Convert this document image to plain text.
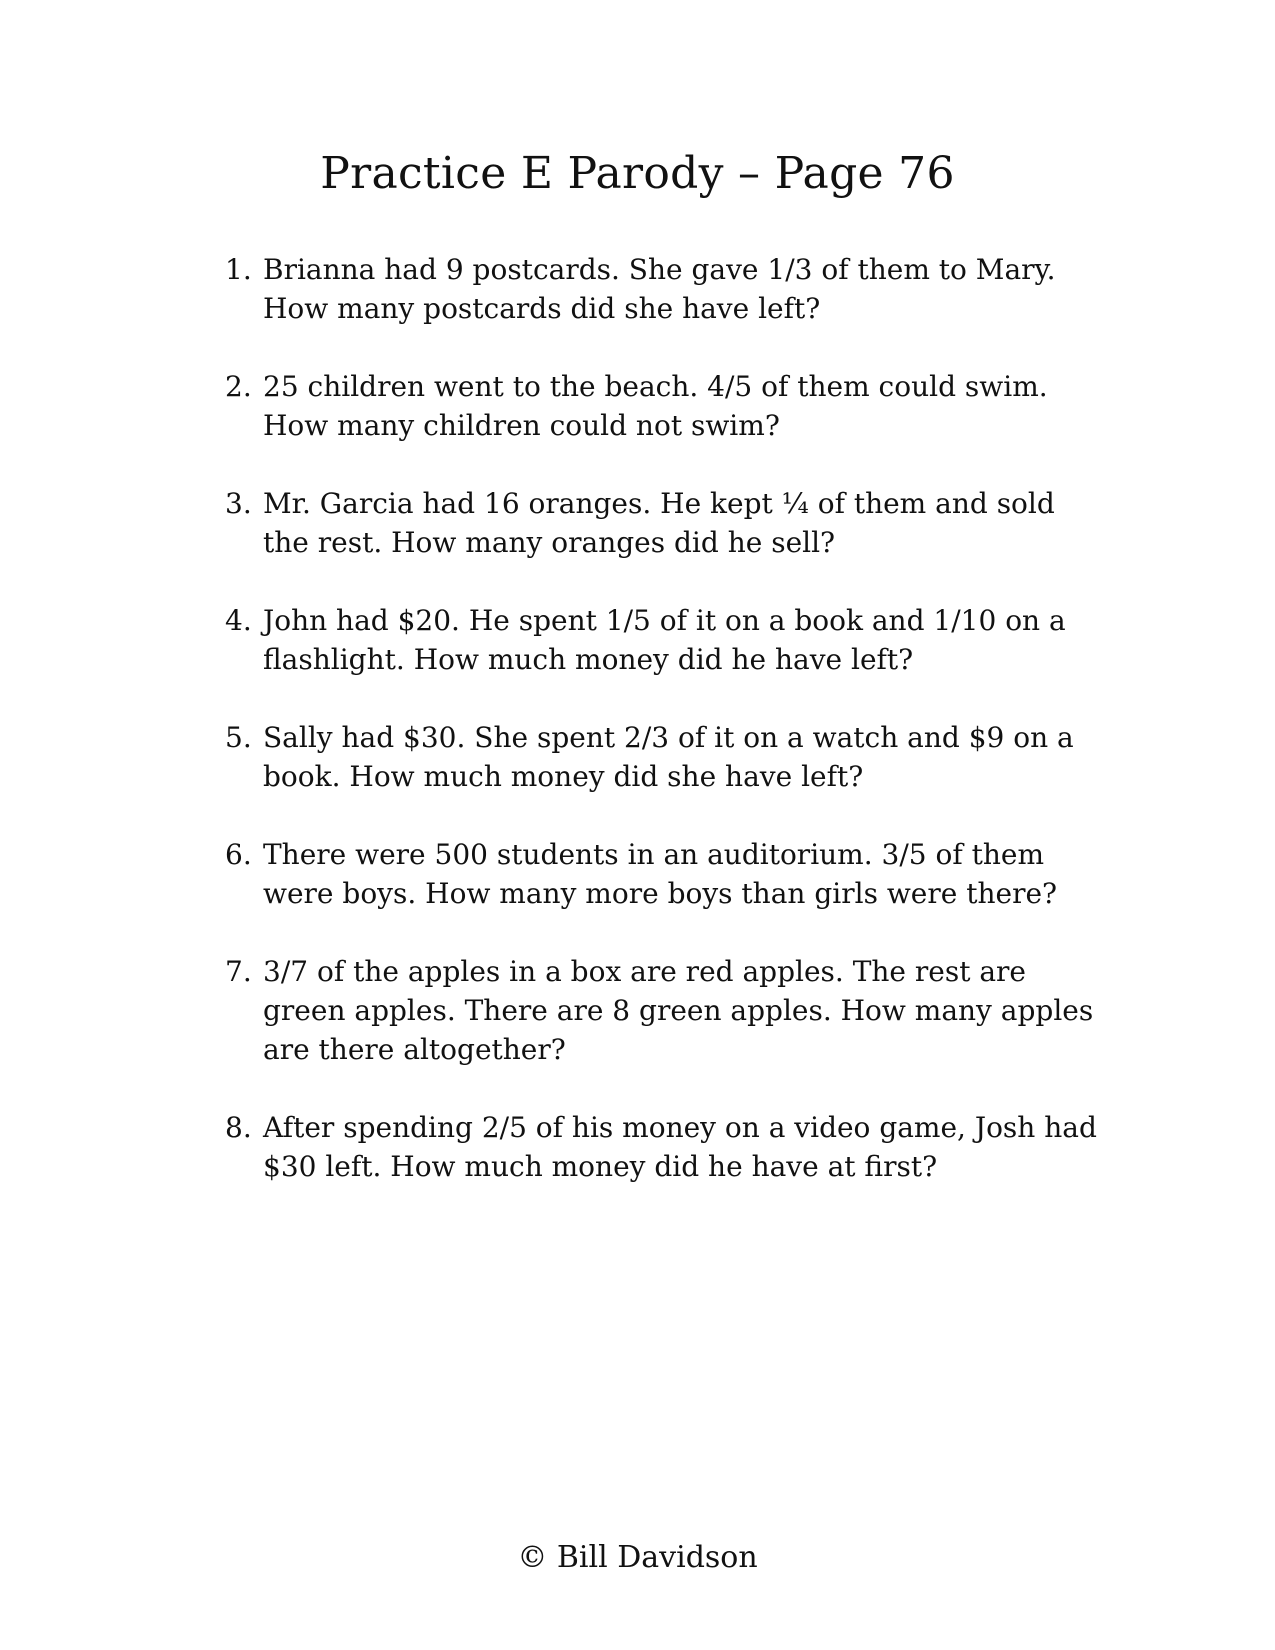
Practice E Parody – Page 76
1. Brianna had 9 postcards. She gave 1/3 of them to Mary. How many postcards did she have left?
2. 25 children went to the beach. 4/5 of them could swim. How many children could not swim?
3. Mr. Garcia had 16 oranges. He kept ¼ of them and sold the rest. How many oranges did he sell?
4. John had $20. He spent 1/5 of it on a book and 1/10 on a flashlight. How much money did he have left?
5. Sally had $30. She spent 2/3 of it on a watch and $9 on a book. How much money did she have left?
6. There were 500 students in an auditorium. 3/5 of them were boys. How many more boys than girls were there?
7. 3/7 of the apples in a box are red apples. The rest are green apples. There are 8 green apples. How many apples are there altogether?
8. After spending 2/5 of his money on a video game, Josh had $30 left. How much money did he have at first?
© Bill Davidson
